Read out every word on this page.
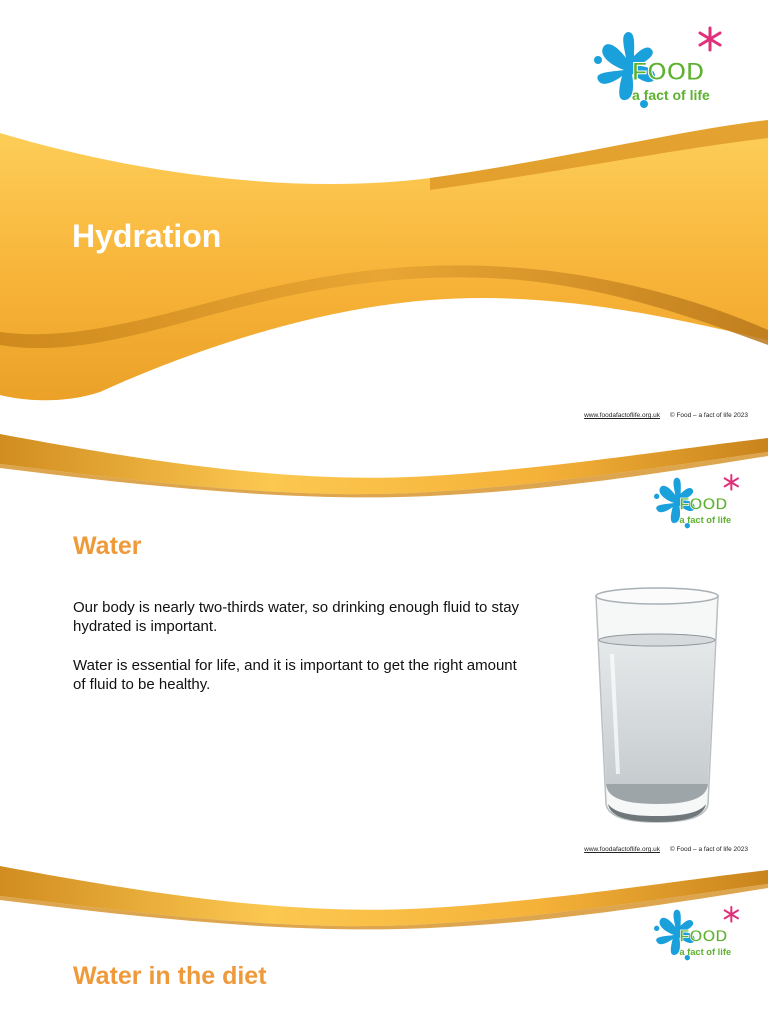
FOOD
a fact of life
Hydration
www.foodafactoflife.org.uk © Food – a fact of life 2023
FOOD
a fact of life
Water

Our body is nearly two-thirds water, so drinking enough fluid to stay hydrated is important.

Water is essential for life, and it is important to get the right amount of fluid to be healthy.

www.foodafactoflife.org.uk © Food – a fact of life 2023
FOOD
a fact of life
Water in the diet
